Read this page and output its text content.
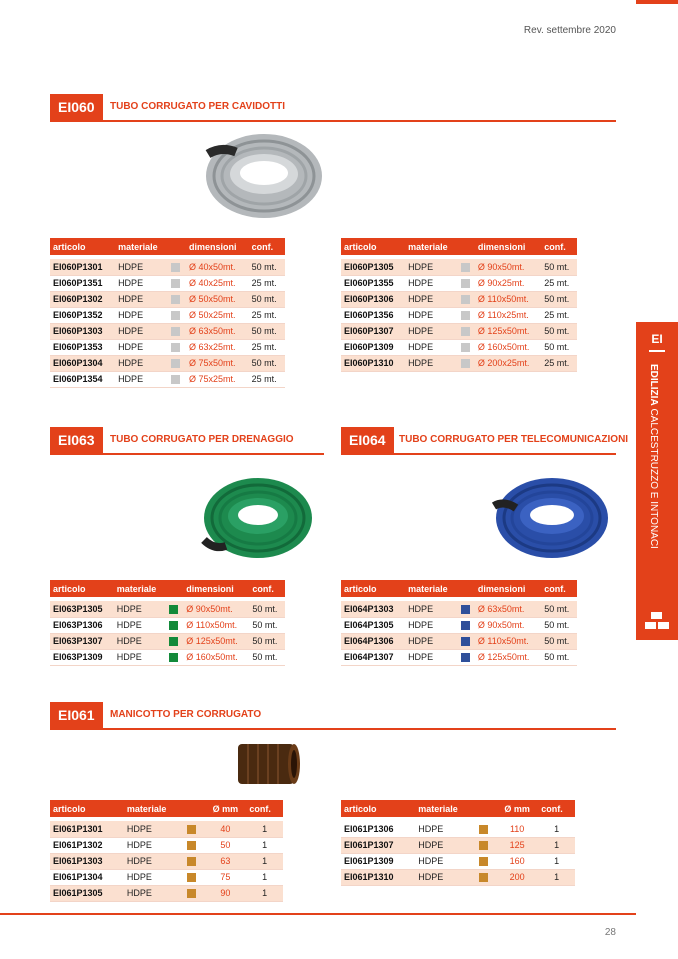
Rev. settembre 2020
EI060	TUBO CORRUGATO PER CAVIDOTTI
articolo	materiale		dimensioni	conf.

EI060P1301	HDPE		Ø 40x50mt.	50 mt.
EI060P1351	HDPE		Ø 40x25mt.	25 mt.
EI060P1302	HDPE		Ø 50x50mt.	50 mt.
EI060P1352	HDPE		Ø 50x25mt.	25 mt.
EI060P1303	HDPE		Ø 63x50mt.	50 mt.
EI060P1353	HDPE		Ø 63x25mt.	25 mt.
EI060P1304	HDPE		Ø 75x50mt.	50 mt.
EI060P1354	HDPE		Ø 75x25mt.	25 mt.
articolo	materiale		dimensioni	conf.

EI060P1305	HDPE		Ø 90x50mt.	50 mt.
EI060P1355	HDPE		Ø 90x25mt.	25 mt.
EI060P1306	HDPE		Ø 110x50mt.	50 mt.
EI060P1356	HDPE		Ø 110x25mt.	25 mt.
EI060P1307	HDPE		Ø 125x50mt.	50 mt.
EI060P1309	HDPE		Ø 160x50mt.	50 mt.
EI060P1310	HDPE		Ø 200x25mt.	25 mt.
EI063	TUBO CORRUGATO PER DRENAGGIO
articolo	materiale		dimensioni	conf.

EI063P1305	HDPE		Ø 90x50mt.	50 mt.
EI063P1306	HDPE		Ø 110x50mt.	50 mt.
EI063P1307	HDPE		Ø 125x50mt.	50 mt.
EI063P1309	HDPE		Ø 160x50mt.	50 mt.
EI064	TUBO CORRUGATO PER TELECOMUNICAZIONI
articolo	materiale		dimensioni	conf.

EI064P1303	HDPE		Ø 63x50mt.	50 mt.
EI064P1305	HDPE		Ø 90x50mt.	50 mt.
EI064P1306	HDPE		Ø 110x50mt.	50 mt.
EI064P1307	HDPE		Ø 125x50mt.	50 mt.
EI061	MANICOTTO PER CORRUGATO
articolo	materiale		Ø mm	conf.

EI061P1301	HDPE		40	1
EI061P1302	HDPE		50	1
EI061P1303	HDPE		63	1
EI061P1304	HDPE		75	1
EI061P1305	HDPE		90	1
articolo	materiale		Ø mm	conf.

EI061P1306	HDPE		110	1
EI061P1307	HDPE		125	1
EI061P1309	HDPE		160	1
EI061P1310	HDPE		200	1
EI
EDILIZIA CALCESTRUZZO E INTONACI
28
